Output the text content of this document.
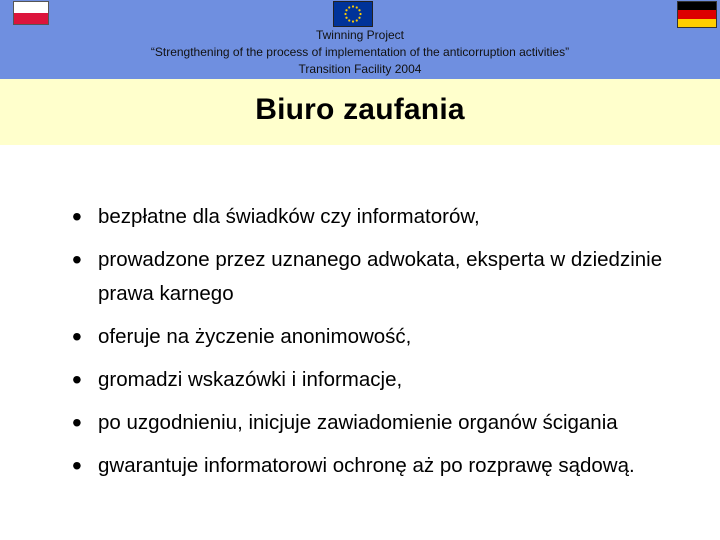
Twinning Project
“Strengthening of the process of implementation of the anticorruption activities”
Transition Facility 2004
Biuro zaufania
• bezpłatne dla świadków czy informatorów,
• prowadzone przez uznanego adwokata, eksperta w dziedzinie prawa karnego
• oferuje na życzenie anonimowość,
• gromadzi wskazówki i informacje,
• po uzgodnieniu, inicjuje zawiadomienie organów ścigania
• gwarantuje informatorowi ochronę aż po rozprawę sądową.
